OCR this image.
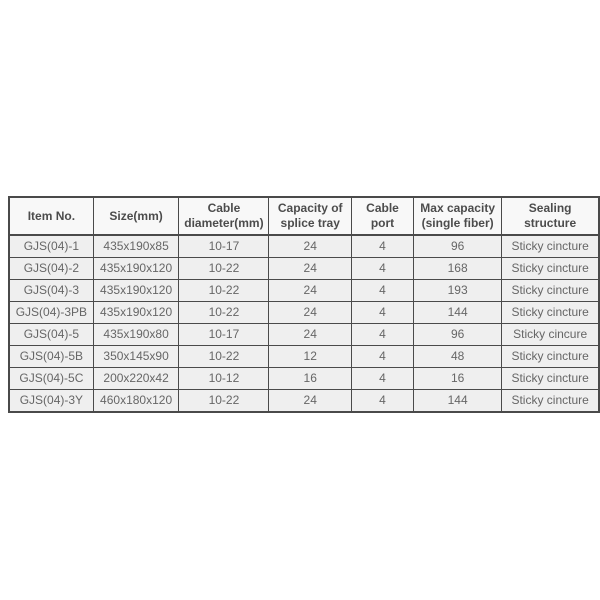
Item No.	Size(mm)	Cable diameter(mm)	Capacity of splice tray	Cable port	Max capacity (single fiber)	Sealing structure
GJS(04)-1	435x190x85	10-17	24	4	96	Sticky cincture
GJS(04)-2	435x190x120	10-22	24	4	168	Sticky cincture
GJS(04)-3	435x190x120	10-22	24	4	193	Sticky cincture
GJS(04)-3PB	435x190x120	10-22	24	4	144	Sticky cincture
GJS(04)-5	435x190x80	10-17	24	4	96	Sticky cincure
GJS(04)-5B	350x145x90	10-22	12	4	48	Sticky cincture
GJS(04)-5C	200x220x42	10-12	16	4	16	Sticky cincture
GJS(04)-3Y	460x180x120	10-22	24	4	144	Sticky cincture
